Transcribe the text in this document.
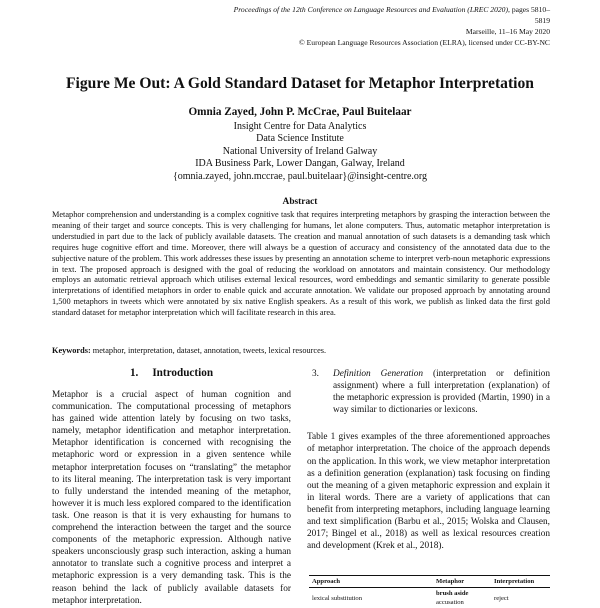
Proceedings of the 12th Conference on Language Resources and Evaluation (LREC 2020), pages 5810–5819
Marseille, 11–16 May 2020
© European Language Resources Association (ELRA), licensed under CC-BY-NC
Figure Me Out: A Gold Standard Dataset for Metaphor Interpretation
Omnia Zayed, John P. McCrae, Paul Buitelaar
Insight Centre for Data Analytics
Data Science Institute
National University of Ireland Galway
IDA Business Park, Lower Dangan, Galway, Ireland
{omnia.zayed, john.mccrae, paul.buitelaar}@insight-centre.org
Abstract

Metaphor comprehension and understanding is a complex cognitive task that requires interpreting metaphors by grasping the interaction between the meaning of their target and source concepts. This is very challenging for humans, let alone computers. Thus, automatic metaphor interpretation is understudied in part due to the lack of publicly available datasets. The creation and manual annotation of such datasets is a demanding task which requires huge cognitive effort and time. Moreover, there will always be a question of accuracy and consistency of the annotated data due to the subjective nature of the problem. This work addresses these issues by presenting an annotation scheme to interpret verb-noun metaphoric expressions in text. The proposed approach is designed with the goal of reducing the workload on annotators and maintain consistency. Our methodology employs an automatic retrieval approach which utilises external lexical resources, word embeddings and semantic similarity to generate possible interpretations of identified metaphors in order to enable quick and accurate annotation. We validate our proposed approach by annotating around 1,500 metaphors in tweets which were annotated by six native English speakers. As a result of this work, we publish as linked data the first gold standard dataset for metaphor interpretation which will facilitate research in this area.

Keywords: metaphor, interpretation, dataset, annotation, tweets, lexical resources.
1. Introduction

Metaphor is a crucial aspect of human cognition and communication. The computational processing of metaphors has gained wide attention lately by focusing on two tasks, namely, metaphor identification and metaphor interpretation. Metaphor identification is concerned with recognising the metaphoric word or expression in a given sentence while metaphor interpretation focuses on “translating” the metaphor to its literal meaning. The interpretation task is very important to fully understand the intended meaning of the metaphor, however it is much less explored compared to the identification task. One reason is that it is very exhausting for humans to comprehend the interaction between the target and the source components of the metaphoric expression. Although native speakers unconsciously grasp such interaction, asking a human annotator to translate such a cognitive process and interpret a metaphoric expression is a very demanding task. This is the reason behind the lack of publicly available datasets for metaphor interpretation.

3.	Definition Generation (interpretation or definition assignment) where a full interpretation (explanation) of the metaphoric expression is provided (Martin, 1990) in a way similar to dictionaries or lexicons.

Table 1 gives examples of the three aforementioned approaches of metaphor interpretation. The choice of the approach depends on the application. In this work, we view metaphor interpretation as a definition generation (explanation) task focusing on finding out the meaning of a given metaphoric expression and explain it in literal words. There are a variety of applications that can benefit from interpreting metaphors, including language learning and text simplification (Barbu et al., 2015; Wolska and Clausen, 2017; Bingel et al., 2018) as well as lexical resources creation and development (Krek et al., 2018).

Approach	Metaphor	Interpretation
lexical substitution	brush aside accusation	reject
